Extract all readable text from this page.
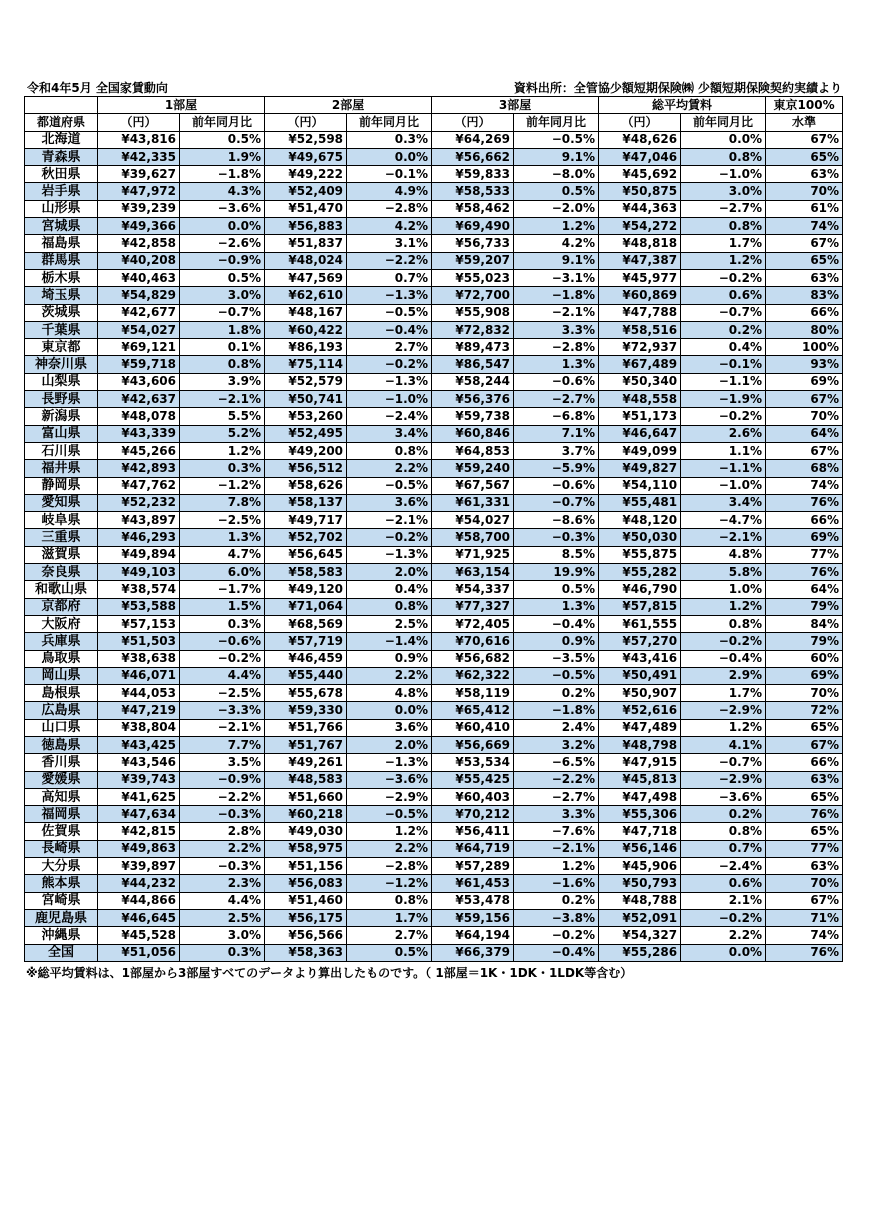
令和4年5月 全国家賃動向	資料出所：全管協少額短期保険㈱ 少額短期保険契約実績より
	1部屋		2部屋		3部屋		総平均賃料		東京100%
都道府県	（円）	前年同月比	（円）	前年同月比	（円）	前年同月比	（円）	前年同月比	水準
北海道	¥43,816	0.5%	¥52,598	0.3%	¥64,269	−0.5%	¥48,626	0.0%	67%
青森県	¥42,335	1.9%	¥49,675	0.0%	¥56,662	9.1%	¥47,046	0.8%	65%
秋田県	¥39,627	−1.8%	¥49,222	−0.1%	¥59,833	−8.0%	¥45,692	−1.0%	63%
岩手県	¥47,972	4.3%	¥52,409	4.9%	¥58,533	0.5%	¥50,875	3.0%	70%
山形県	¥39,239	−3.6%	¥51,470	−2.8%	¥58,462	−2.0%	¥44,363	−2.7%	61%
宮城県	¥49,366	0.0%	¥56,883	4.2%	¥69,490	1.2%	¥54,272	0.8%	74%
福島県	¥42,858	−2.6%	¥51,837	3.1%	¥56,733	4.2%	¥48,818	1.7%	67%
群馬県	¥40,208	−0.9%	¥48,024	−2.2%	¥59,207	9.1%	¥47,387	1.2%	65%
栃木県	¥40,463	0.5%	¥47,569	0.7%	¥55,023	−3.1%	¥45,977	−0.2%	63%
埼玉県	¥54,829	3.0%	¥62,610	−1.3%	¥72,700	−1.8%	¥60,869	0.6%	83%
茨城県	¥42,677	−0.7%	¥48,167	−0.5%	¥55,908	−2.1%	¥47,788	−0.7%	66%
千葉県	¥54,027	1.8%	¥60,422	−0.4%	¥72,832	3.3%	¥58,516	0.2%	80%
東京都	¥69,121	0.1%	¥86,193	2.7%	¥89,473	−2.8%	¥72,937	0.4%	100%
神奈川県	¥59,718	0.8%	¥75,114	−0.2%	¥86,547	1.3%	¥67,489	−0.1%	93%
山梨県	¥43,606	3.9%	¥52,579	−1.3%	¥58,244	−0.6%	¥50,340	−1.1%	69%
長野県	¥42,637	−2.1%	¥50,741	−1.0%	¥56,376	−2.7%	¥48,558	−1.9%	67%
新潟県	¥48,078	5.5%	¥53,260	−2.4%	¥59,738	−6.8%	¥51,173	−0.2%	70%
富山県	¥43,339	5.2%	¥52,495	3.4%	¥60,846	7.1%	¥46,647	2.6%	64%
石川県	¥45,266	1.2%	¥49,200	0.8%	¥64,853	3.7%	¥49,099	1.1%	67%
福井県	¥42,893	0.3%	¥56,512	2.2%	¥59,240	−5.9%	¥49,827	−1.1%	68%
静岡県	¥47,762	−1.2%	¥58,626	−0.5%	¥67,567	−0.6%	¥54,110	−1.0%	74%
愛知県	¥52,232	7.8%	¥58,137	3.6%	¥61,331	−0.7%	¥55,481	3.4%	76%
岐阜県	¥43,897	−2.5%	¥49,717	−2.1%	¥54,027	−8.6%	¥48,120	−4.7%	66%
三重県	¥46,293	1.3%	¥52,702	−0.2%	¥58,700	−0.3%	¥50,030	−2.1%	69%
滋賀県	¥49,894	4.7%	¥56,645	−1.3%	¥71,925	8.5%	¥55,875	4.8%	77%
奈良県	¥49,103	6.0%	¥58,583	2.0%	¥63,154	19.9%	¥55,282	5.8%	76%
和歌山県	¥38,574	−1.7%	¥49,120	0.4%	¥54,337	0.5%	¥46,790	1.0%	64%
京都府	¥53,588	1.5%	¥71,064	0.8%	¥77,327	1.3%	¥57,815	1.2%	79%
大阪府	¥57,153	0.3%	¥68,569	2.5%	¥72,405	−0.4%	¥61,555	0.8%	84%
兵庫県	¥51,503	−0.6%	¥57,719	−1.4%	¥70,616	0.9%	¥57,270	−0.2%	79%
鳥取県	¥38,638	−0.2%	¥46,459	0.9%	¥56,682	−3.5%	¥43,416	−0.4%	60%
岡山県	¥46,071	4.4%	¥55,440	2.2%	¥62,322	−0.5%	¥50,491	2.9%	69%
島根県	¥44,053	−2.5%	¥55,678	4.8%	¥58,119	0.2%	¥50,907	1.7%	70%
広島県	¥47,219	−3.3%	¥59,330	0.0%	¥65,412	−1.8%	¥52,616	−2.9%	72%
山口県	¥38,804	−2.1%	¥51,766	3.6%	¥60,410	2.4%	¥47,489	1.2%	65%
徳島県	¥43,425	7.7%	¥51,767	2.0%	¥56,669	3.2%	¥48,798	4.1%	67%
香川県	¥43,546	3.5%	¥49,261	−1.3%	¥53,534	−6.5%	¥47,915	−0.7%	66%
愛媛県	¥39,743	−0.9%	¥48,583	−3.6%	¥55,425	−2.2%	¥45,813	−2.9%	63%
高知県	¥41,625	−2.2%	¥51,660	−2.9%	¥60,403	−2.7%	¥47,498	−3.6%	65%
福岡県	¥47,634	−0.3%	¥60,218	−0.5%	¥70,212	3.3%	¥55,306	0.2%	76%
佐賀県	¥42,815	2.8%	¥49,030	1.2%	¥56,411	−7.6%	¥47,718	0.8%	65%
長崎県	¥49,863	2.2%	¥58,975	2.2%	¥64,719	−2.1%	¥56,146	0.7%	77%
大分県	¥39,897	−0.3%	¥51,156	−2.8%	¥57,289	1.2%	¥45,906	−2.4%	63%
熊本県	¥44,232	2.3%	¥56,083	−1.2%	¥61,453	−1.6%	¥50,793	0.6%	70%
宮崎県	¥44,866	4.4%	¥51,460	0.8%	¥53,478	0.2%	¥48,788	2.1%	67%
鹿児島県	¥46,645	2.5%	¥56,175	1.7%	¥59,156	−3.8%	¥52,091	−0.2%	71%
沖縄県	¥45,528	3.0%	¥56,566	2.7%	¥64,194	−0.2%	¥54,327	2.2%	74%
全国	¥51,056	0.3%	¥58,363	0.5%	¥66,379	−0.4%	¥55,286	0.0%	76%
※総平均賃料は、1部屋から3部屋すべてのデータより算出したものです。（ 1部屋＝1K・1DK・1LDK等含む）
